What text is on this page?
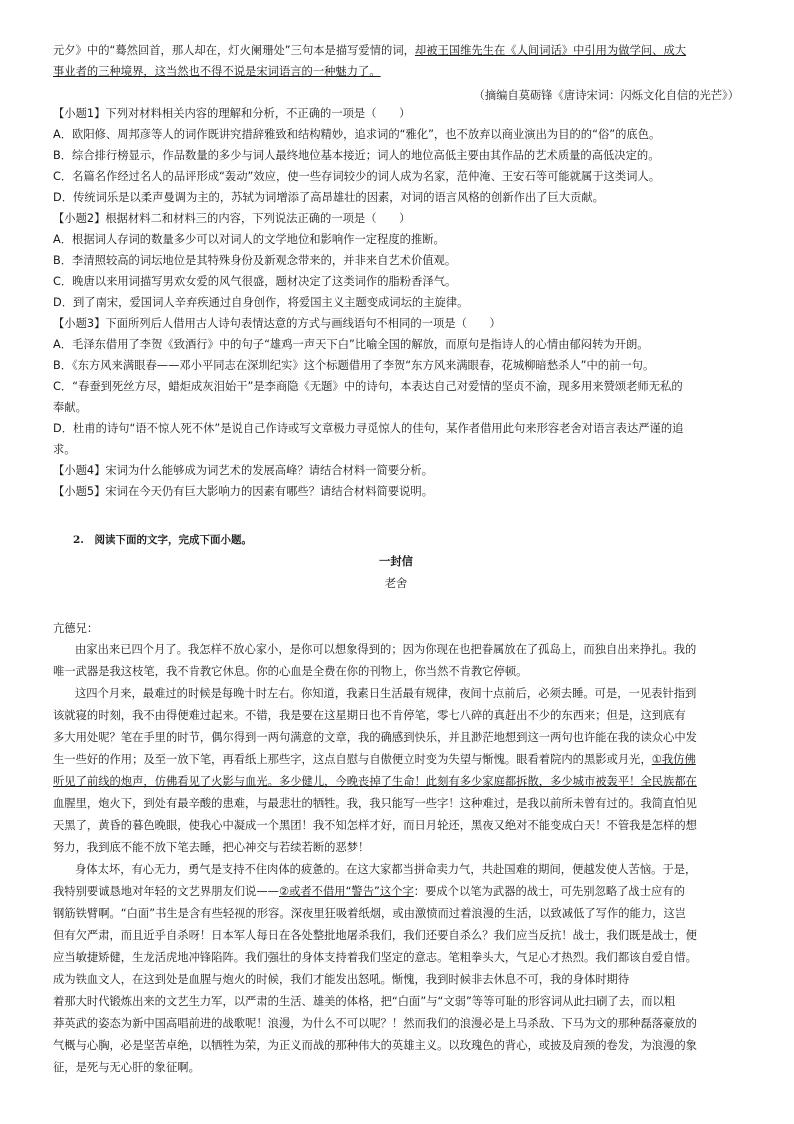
元夕》中的“蓦然回首，那人却在，灯火阑珊处”三句本是描写爱情的词，却被王国维先生在《人间词话》中引用为做学问、成大
事业者的三种境界，这当然也不得不说是宋词语言的一种魅力了。
（摘编自莫砺锋《唐诗宋词：闪烁文化自信的光芒》）
【小题1】下列对材料相关内容的理解和分析，不正确的一项是（　　）
A．欧阳修、周邦彦等人的词作既讲究措辞雅致和结构精妙，追求词的“雅化”，也不放弃以商业演出为目的的“俗”的底色。
B．综合排行榜显示，作品数量的多少与词人最终地位基本接近；词人的地位高低主要由其作品的艺术质量的高低决定的。
C．名篇名作经过名人的品评形成“轰动”效应，使一些存词较少的词人成为名家，范仲淹、王安石等可能就属于这类词人。
D．传统词乐是以柔声曼调为主的，苏轼为词增添了高昂雄壮的因素，对词的语言风格的创新作出了巨大贡献。
【小题2】根据材料二和材料三的内容，下列说法正确的一项是（　　）
A．根据词人存词的数量多少可以对词人的文学地位和影响作一定程度的推断。
B．李清照较高的词坛地位是其特殊身份及新观念带来的，并非来自艺术价值观。
C．晚唐以来用词描写男欢女爱的风气很盛，题材决定了这类词作的脂粉香泽气。
D．到了南宋，爱国词人辛弃疾通过自身创作，将爱国主义主题变成词坛的主旋律。
【小题3】下面所列后人借用古人诗句表情达意的方式与画线语句不相同的一项是（　　）
A．毛泽东借用了李贺《致酒行》中的句子“雄鸡一声天下白”比喻全国的解放，而原句是指诗人的心情由郁闷转为开朗。
B．《东方风来满眼春——邓小平同志在深圳纪实》这个标题借用了李贺“东方风来满眼春，花城柳暗愁杀人”中的前一句。
C．“春蚕到死丝方尽，蜡炬成灰泪始干”是李商隐《无题》中的诗句，本表达自己对爱情的坚贞不渝，现多用来赞颂老师无私的
奉献。
D．杜甫的诗句“语不惊人死不休”是说自己作诗或写文章极力寻觅惊人的佳句，某作者借用此句来形容老舍对语言表达严谨的追
求。
【小题4】宋词为什么能够成为词艺术的发展高峰？请结合材料一简要分析。
【小题5】宋词在今天仍有巨大影响力的因素有哪些？请结合材料简要说明。
2.　阅读下面的文字，完成下面小题。
一封信
老舍
亢德兄：
由家出来已四个月了。我怎样不放心家小，是你可以想象得到的；因为你现在也把眷属放在了孤岛上，而独自出来挣扎。我的
唯一武器是我这枝笔，我不肯教它休息。你的心血是全费在你的刊物上，你当然不肯教它停顿。
这四个月来，最难过的时候是每晚十时左右。你知道，我素日生活最有规律，夜间十点前后，必须去睡。可是，一见表针指到
该就寝的时刻，我不由得便难过起来。不错，我是要在这星期日也不肯停笔，零七八碎的真赶出不少的东西来；但是，这到底有
多大用处呢？笔在手里的时节，偶尔得到一两句满意的文章，我的确感到快乐，并且渺茫地想到这一两句也许能在我的读众心中发
生一些好的作用；及至一放下笔，再看纸上那些字，这点自慰与自傲便立时变为失望与惭愧。眼看着院内的黑影或月光，①我仿佛
听见了前线的炮声，仿佛看见了火影与血光。多少健儿，今晚丧掉了生命！此刻有多少家庭都拆散，多少城市被轰平！全民族都在
血腥里，炮火下，到处有最辛酸的患难，与最悲壮的牺牲。我，我只能写一些字！这种难过，是我以前所未曾有过的。我简直怕见
天黑了，黄昏的暮色晚眼，使我心中凝成一个黑团！我不知怎样才好，而日月轮还，黑夜又绝对不能变成白天！不管我是怎样的想
努力，我到底不能不放下笔去睡，把心神交与若续若断的恶梦！
身体太坏，有心无力，勇气是支持不住肉体的疲惫的。在这大家都当拼命卖力气，共赴国难的期间，便越发使人苦恼。于是，
我特别要诚恳地对年轻的文艺界朋友们说——②或者不借用“警告”这个字：要成个以笔为武器的战士，可先别忽略了战士应有的
钢筋铁臂啊。“白面”书生是含有些轻视的形容。深夜里狂吸着纸烟，或由激愤而过着浪漫的生活，以致减低了写作的能力，这岂
但有欠严肃，而且近乎自杀呀！日本军人每日在各处整批地屠杀我们，我们还要自杀么？我们应当反抗！战士，我们既是战士，便
应当敏捷矫健，生龙活虎地冲锋陷阵。我们强壮的身体支持着我们坚定的意志。笔粗拳头大，气足心才热烈。我们都该自爱自惜。
成为铁血文人，在这到处是血腥与炮火的时候，我们才能发出怒吼。惭愧，我到时候非去休息不可，我的身体时期待
着那大时代锻炼出来的文艺生力军，以严肃的生活、雄美的体格，把“白面”与“文弱”等等可耻的形容词从此扫刷了去，而以粗
莽英武的姿态为新中国高唱前进的战歌呢！浪漫，为什么不可以呢？！然而我们的浪漫必是上马杀敌、下马为文的那种磊落豪放的
气概与心胸，必是坚苦卓绝，以牺牲为荣，为正义而战的那种伟大的英雄主义。以玫瑰色的背心，或披及肩颈的卷发，为浪漫的象
征，是死与无心肝的象征啊。
